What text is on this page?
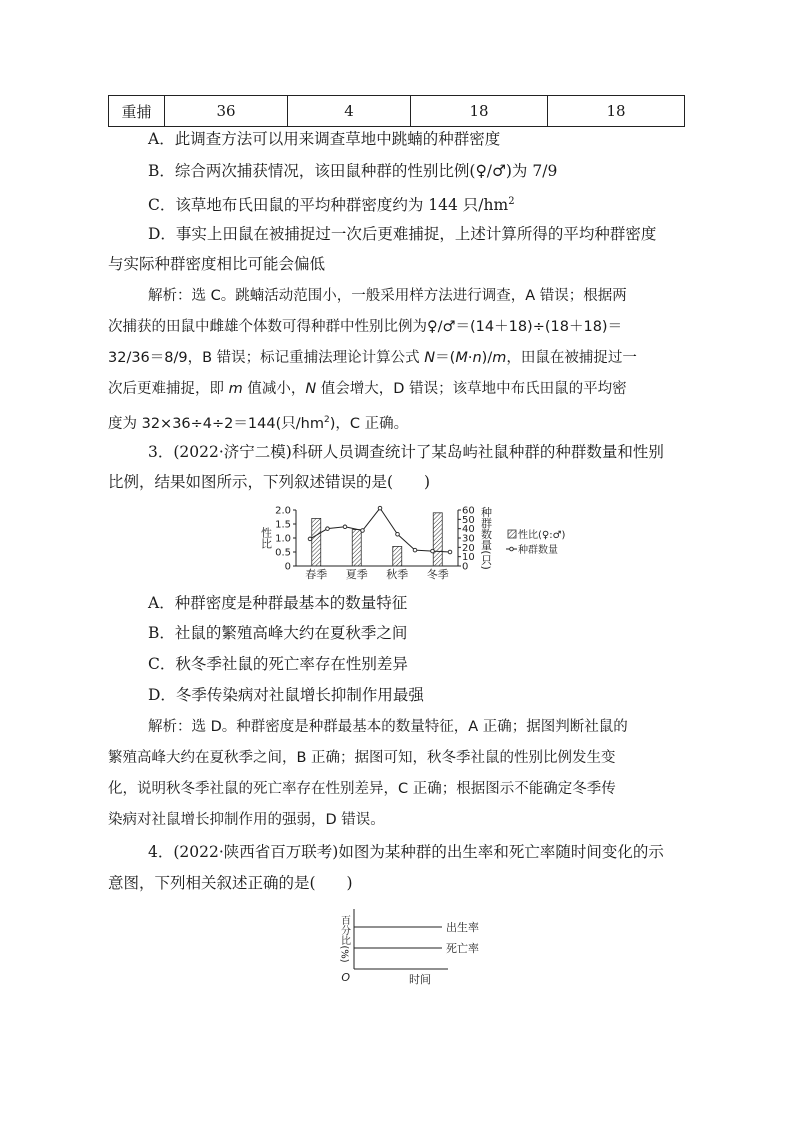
重捕	36	4	18	18
A．此调查方法可以用来调查草地中跳蝻的种群密度
B．综合两次捕获情况，该田鼠种群的性别比例(♀/♂)为 7/9
C．该草地布氏田鼠的平均种群密度约为 144 只$/hm^2$
D．事实上田鼠在被捕捉过一次后更难捕捉，上述计算所得的平均种群密度
与实际种群密度相比可能会偏低
解析：选 C。跳蝻活动范围小，一般采用样方法进行调查，A 错误；根据两
次捕获的田鼠中雌雄个体数可得种群中性别比例为♀/♂＝(14＋18)÷(18＋18)＝
32/36＝8/9，B 错误；标记重捕法理论计算公式 N＝(M·n)/m，田鼠在被捕捉过一
次后更难捕捉，即 m 值减小，N 值会增大，D 错误；该草地中布氏田鼠的平均密
度为 32×36÷4÷2＝144(只$/hm^2$)，C 正确。
3．(2022·济宁二模)科研人员调查统计了某岛屿社鼠种群的种群数量和性别
比例，结果如图所示，下列叙述错误的是(　　)
2.0
1.5
1.0
0.5
0
60
50
40
30
20
10
0
性比	种群数量(只)
春季 夏季 秋季 冬季
性比(♀:♂)
种群数量
A．种群密度是种群最基本的数量特征
B．社鼠的繁殖高峰大约在夏秋季之间
C．秋冬季社鼠的死亡率存在性别差异
D．冬季传染病对社鼠增长抑制作用最强
解析：选 D。种群密度是种群最基本的数量特征，A 正确；据图判断社鼠的
繁殖高峰大约在夏秋季之间，B 正确；据图可知，秋冬季社鼠的性别比例发生变
化，说明秋冬季社鼠的死亡率存在性别差异，C 正确；根据图示不能确定冬季传
染病对社鼠增长抑制作用的强弱，D 错误。
4．(2022·陕西省百万联考)如图为某种群的出生率和死亡率随时间变化的示
意图，下列相关叙述正确的是(　　)
出生率
死亡率
百分比(%)
O	时间
